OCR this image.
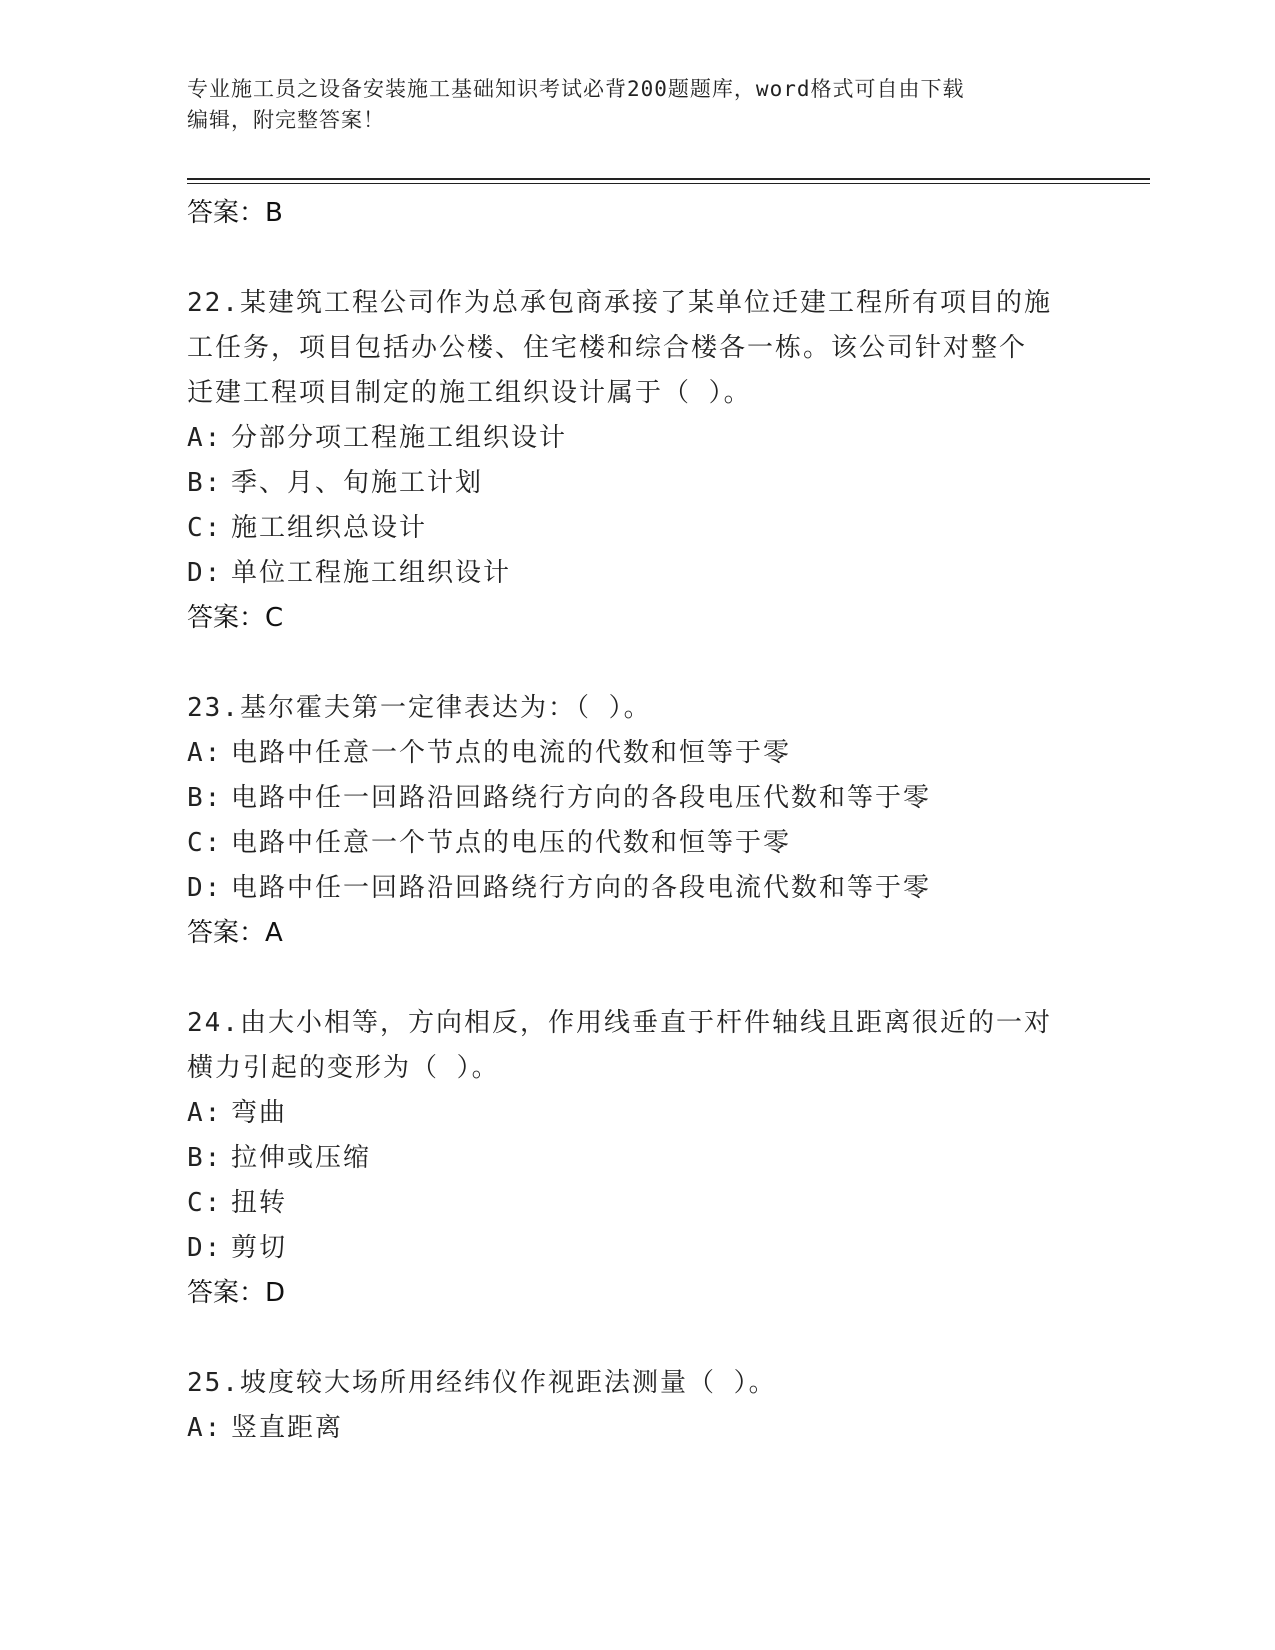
专业施工员之设备安装施工基础知识考试必背200题题库，word格式可自由下载
编辑，附完整答案！
答案：B
22.某建筑工程公司作为总承包商承接了某单位迁建工程所有项目的施
工任务，项目包括办公楼、住宅楼和综合楼各一栋。该公司针对整个
迁建工程项目制定的施工组织设计属于（ ）。
A: 分部分项工程施工组织设计
B: 季、月、旬施工计划
C: 施工组织总设计
D: 单位工程施工组织设计
答案：C
23.基尔霍夫第一定律表达为：（ ）。
A: 电路中任意一个节点的电流的代数和恒等于零
B: 电路中任一回路沿回路绕行方向的各段电压代数和等于零
C: 电路中任意一个节点的电压的代数和恒等于零
D: 电路中任一回路沿回路绕行方向的各段电流代数和等于零
答案：A
24.由大小相等，方向相反，作用线垂直于杆件轴线且距离很近的一对
横力引起的变形为（ ）。
A: 弯曲
B: 拉伸或压缩
C: 扭转
D: 剪切
答案：D
25.坡度较大场所用经纬仪作视距法测量（ ）。
A: 竖直距离
